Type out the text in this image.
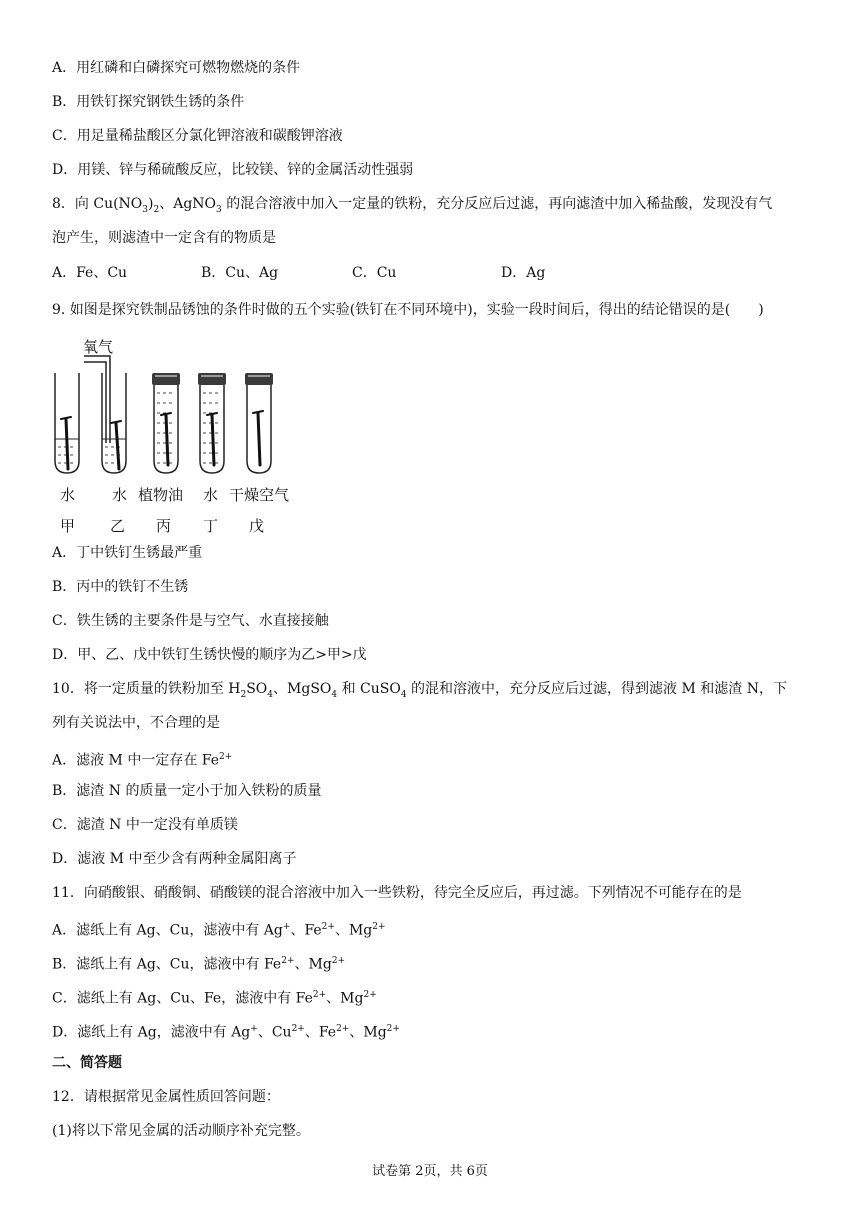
A．用红磷和白磷探究可燃物燃烧的条件
B．用铁钉探究钢铁生锈的条件
C．用足量稀盐酸区分氯化钾溶液和碳酸钾溶液
D．用镁、锌与稀硫酸反应，比较镁、锌的金属活动性强弱
8．向 $Cu(NO_3)_2$、AgNO$_3$ 的混合溶液中加入一定量的铁粉，充分反应后过滤，再向滤渣中加入稀盐酸，发现没有气
泡产生，则滤渣中一定含有的物质是
A．Fe、Cu	B．Cu、Ag	C．Cu	D．Ag
9. 如图是探究铁制品锈蚀的条件时做的五个实验(铁钉在不同环境中)，实验一段时间后，得出的结论错误的是(　　)
氧气
水 水 植物油 水 干燥空气
甲 乙 丙 丁 戊
A．丁中铁钉生锈最严重
B．丙中的铁钉不生锈
C．铁生锈的主要条件是与空气、水直接接触
D．甲、乙、戊中铁钉生锈快慢的顺序为乙>甲>戊
10．将一定质量的铁粉加至 $H_2SO_4$、MgSO$_4$ 和 CuSO$_4$ 的混和溶液中，充分反应后过滤，得到滤液 M 和滤渣 N，下
列有关说法中，不合理的是
A．滤液 M 中一定存在 $Fe^{2+}$
B．滤渣 N 的质量一定小于加入铁粉的质量
C．滤渣 N 中一定没有单质镁
D．滤液 M 中至少含有两种金属阳离子
11．向硝酸银、硝酸铜、硝酸镁的混合溶液中加入一些铁粉，待完全反应后，再过滤。下列情况不可能存在的是
A．滤纸上有 Ag、Cu，滤液中有 Ag+、$Fe^{2+}$、$Mg^{2+}$
B．滤纸上有 Ag、Cu，滤液中有 $Fe^{2+}$、$Mg^{2+}$
C．滤纸上有 Ag、Cu、Fe，滤液中有 $Fe^{2+}$、$Mg^{2+}$
D．滤纸上有 Ag，滤液中有 Ag+、$Cu^{2+}$、$Fe^{2+}$、$Mg^{2+}$
二、简答题
12．请根据常见金属性质回答问题：
(1)将以下常见金属的活动顺序补充完整。
试卷第 2页，共 6页
